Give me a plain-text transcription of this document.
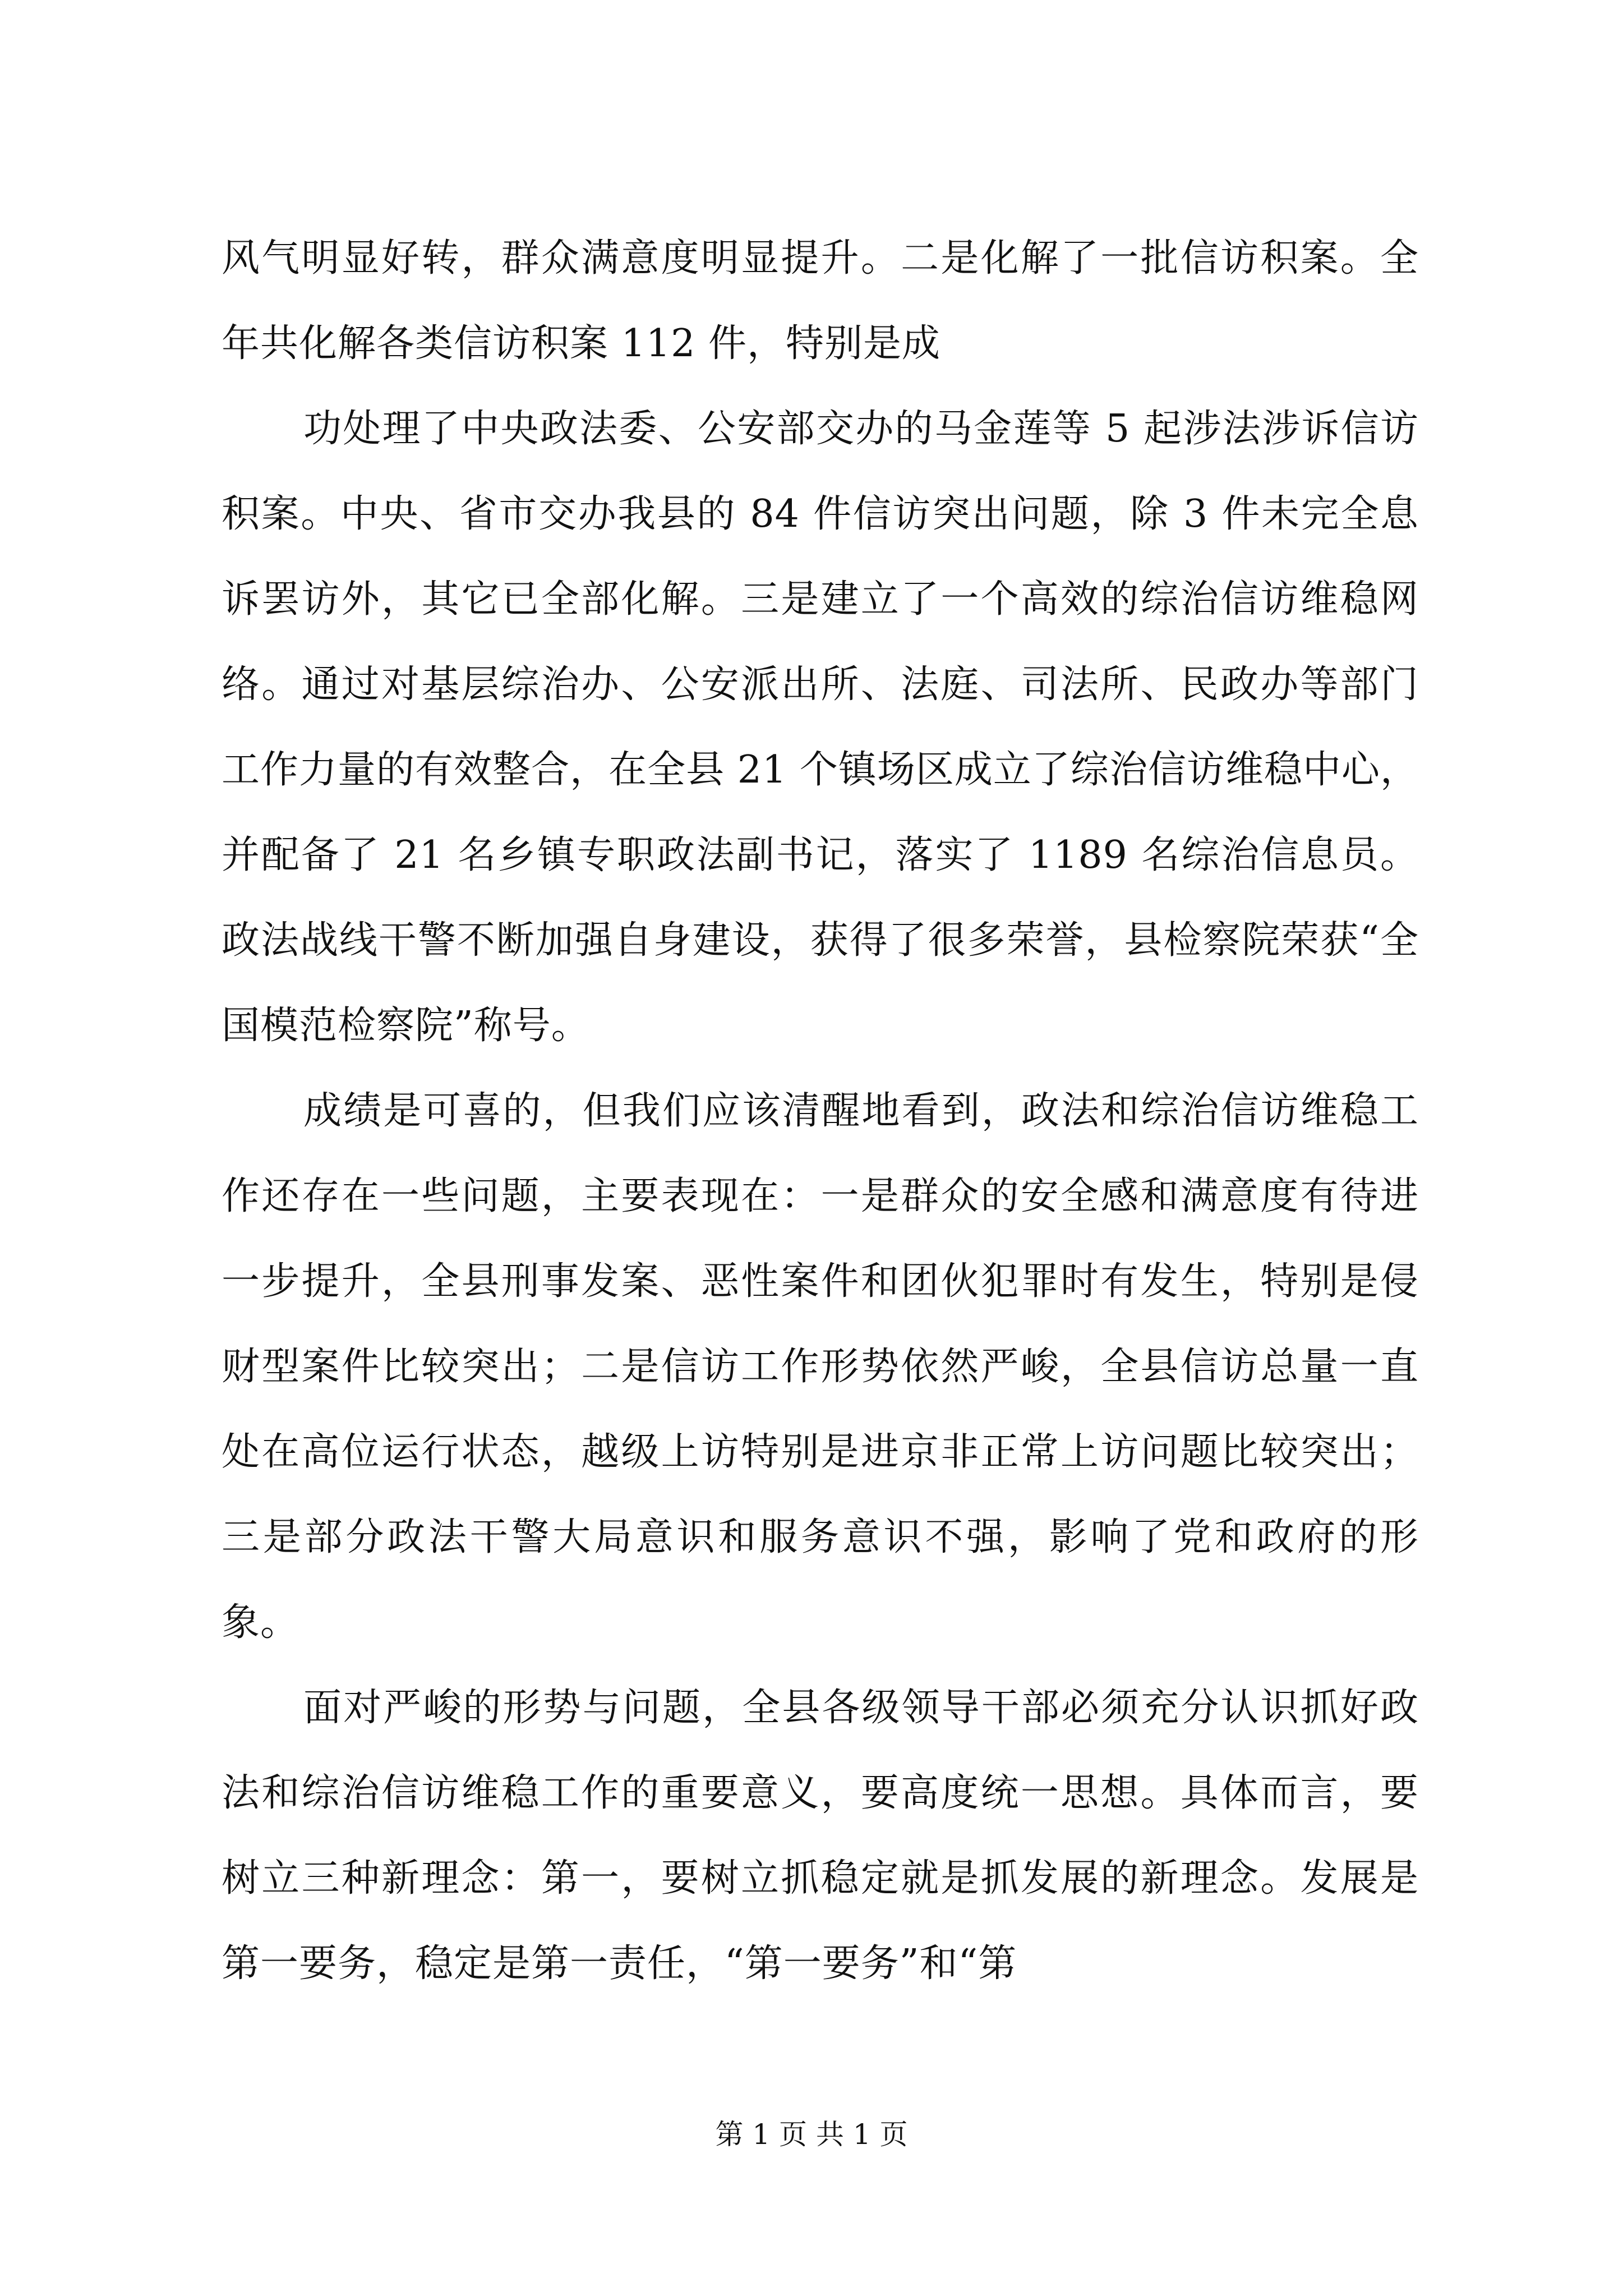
风气明显好转，群众满意度明显提升。二是化解了一批信访积案。全年共化解各类信访积案 112 件，特别是成

功处理了中央政法委、公安部交办的马金莲等 5 起涉法涉诉信访积案。中央、省市交办我县的 84 件信访突出问题，除 3 件未完全息诉罢访外，其它已全部化解。三是建立了一个高效的综治信访维稳网络。通过对基层综治办、公安派出所、法庭、司法所、民政办等部门工作力量的有效整合，在全县 21 个镇场区成立了综治信访维稳中心，并配备了 21 名乡镇专职政法副书记，落实了 1189 名综治信息员。政法战线干警不断加强自身建设，获得了很多荣誉，县检察院荣获“全国模范检察院”称号。

成绩是可喜的，但我们应该清醒地看到，政法和综治信访维稳工作还存在一些问题，主要表现在：一是群众的安全感和满意度有待进一步提升，全县刑事发案、恶性案件和团伙犯罪时有发生，特别是侵财型案件比较突出；二是信访工作形势依然严峻，全县信访总量一直处在高位运行状态，越级上访特别是进京非正常上访问题比较突出；三是部分政法干警大局意识和服务意识不强，影响了党和政府的形象。

面对严峻的形势与问题，全县各级领导干部必须充分认识抓好政法和综治信访维稳工作的重要意义，要高度统一思想。具体而言，要树立三种新理念：第一，要树立抓稳定就是抓发展的新理念。发展是第一要务，稳定是第一责任，“第一要务”和“第

第 1 页 共 1 页
